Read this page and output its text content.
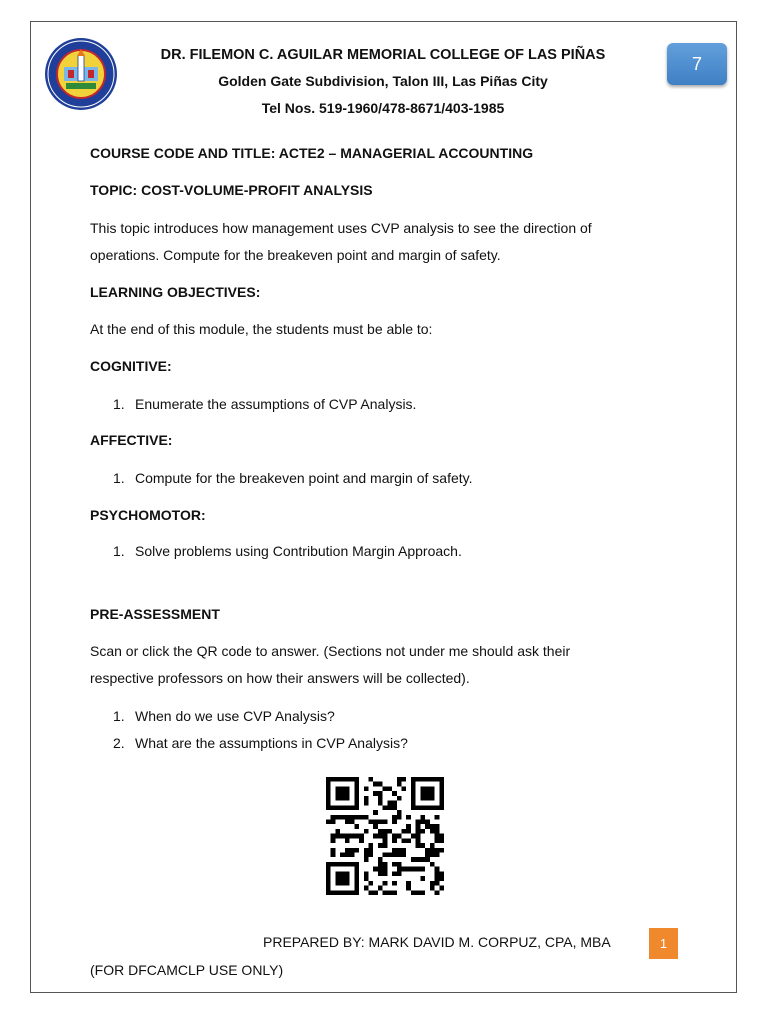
DR. FILEMON C. AGUILAR MEMORIAL COLLEGE OF LAS PIÑAS
Golden Gate Subdivision, Talon III, Las Piñas City
Tel Nos. 519-1960/478-8671/403-1985
7
COURSE CODE AND TITLE: ACTE2 – MANAGERIAL ACCOUNTING
TOPIC: COST-VOLUME-PROFIT ANALYSIS
This topic introduces how management uses CVP analysis to see the direction of
operations. Compute for the breakeven point and margin of safety.
LEARNING OBJECTIVES:
At the end of this module, the students must be able to:
COGNITIVE:
1. Enumerate the assumptions of CVP Analysis.
AFFECTIVE:
1. Compute for the breakeven point and margin of safety.
PSYCHOMOTOR:
1. Solve problems using Contribution Margin Approach.
PRE-ASSESSMENT
Scan or click the QR code to answer. (Sections not under me should ask their
respective professors on how their answers will be collected).
1. When do we use CVP Analysis?
2. What are the assumptions in CVP Analysis?
PREPARED BY: MARK DAVID M. CORPUZ, CPA, MBA	1
(FOR DFCAMCLP USE ONLY)
